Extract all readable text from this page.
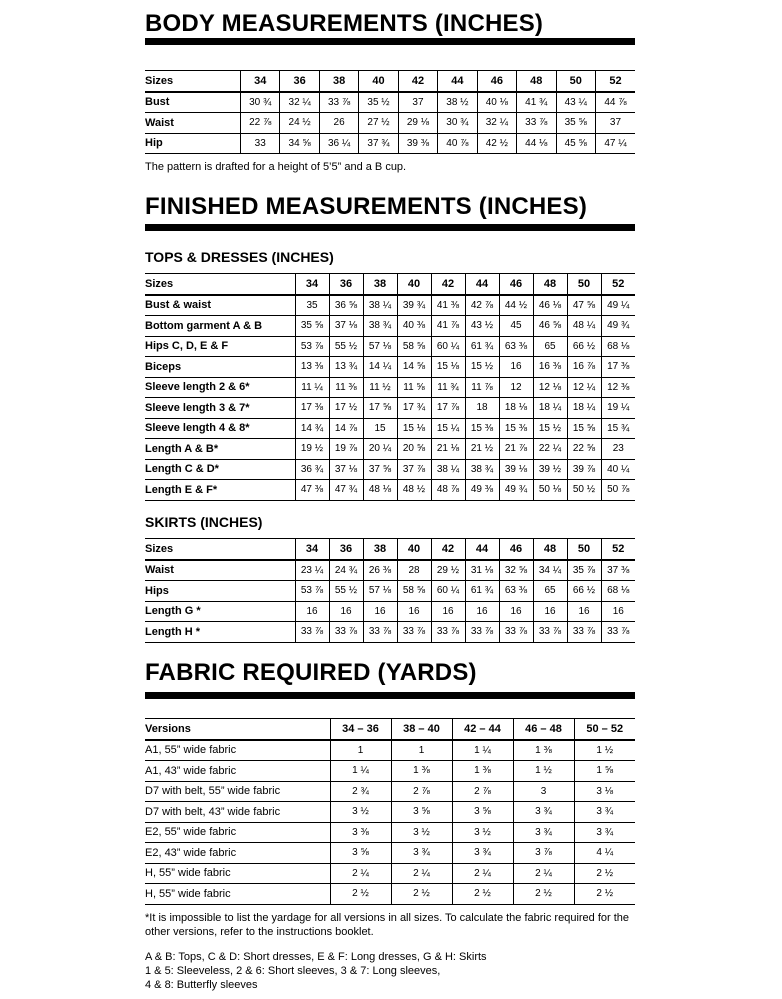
BODY MEASUREMENTS (INCHES)
Sizes	34	36	38	40	42	44	46	48	50	52
Bust	30 ¾	32 ¼	33 ⅞	35 ½	37	38 ½	40 ⅛	41 ¾	43 ¼	44 ⅞
Waist	22 ⅞	24 ½	26	27 ½	29 ⅛	30 ¾	32 ¼	33 ⅞	35 ⅝	37
Hip	33	34 ⅝	36 ¼	37 ¾	39 ⅜	40 ⅞	42 ½	44 ⅛	45 ⅝	47 ¼

The pattern is drafted for a height of 5’5” and a B cup.

FINISHED MEASUREMENTS (INCHES)
TOPS & DRESSES (INCHES)
Sizes	34	36	38	40	42	44	46	48	50	52
Bust & waist	35	36 ⅝	38 ¼	39 ¾	41 ⅜	42 ⅞	44 ½	46 ⅛	47 ⅝	49 ¼
Bottom garment A & B	35 ⅝	37 ⅛	38 ¾	40 ⅜	41 ⅞	43 ½	45	46 ⅝	48 ¼	49 ¾
Hips C, D, E & F	53 ⅞	55 ½	57 ⅛	58 ⅝	60 ¼	61 ¾	63 ⅜	65	66 ½	68 ⅛
Biceps	13 ⅜	13 ¾	14 ¼	14 ⅝	15 ⅛	15 ½	16	16 ⅜	16 ⅞	17 ⅜
Sleeve length 2 & 6*	11 ¼	11 ⅜	11 ½	11 ⅝	11 ¾	11 ⅞	12	12 ⅛	12 ¼	12 ⅜
Sleeve length 3 & 7*	17 ⅜	17 ½	17 ⅝	17 ¾	17 ⅞	18	18 ⅛	18 ¼	18 ¼	19 ¼
Sleeve length 4 & 8*	14 ¾	14 ⅞	15	15 ⅛	15 ¼	15 ⅜	15 ⅜	15 ½	15 ⅝	15 ¾
Length A & B*	19 ½	19 ⅞	20 ¼	20 ⅝	21 ⅛	21 ½	21 ⅞	22 ¼	22 ⅝	23
Length C & D*	36 ¾	37 ⅛	37 ⅝	37 ⅞	38 ¼	38 ¾	39 ⅛	39 ½	39 ⅞	40 ¼
Length E & F*	47 ⅜	47 ¾	48 ⅛	48 ½	48 ⅞	49 ⅜	49 ¾	50 ⅛	50 ½	50 ⅞
SKIRTS (INCHES)
Sizes	34	36	38	40	42	44	46	48	50	52
Waist	23 ¼	24 ¾	26 ⅜	28	29 ½	31 ⅛	32 ⅝	34 ¼	35 ⅞	37 ⅜
Hips	53 ⅞	55 ½	57 ⅛	58 ⅝	60 ¼	61 ¾	63 ⅜	65	66 ½	68 ⅛
Length G *	16	16	16	16	16	16	16	16	16	16
Length H *	33 ⅞	33 ⅞	33 ⅞	33 ⅞	33 ⅞	33 ⅞	33 ⅞	33 ⅞	33 ⅞	33 ⅞
FABRIC REQUIRED (YARDS)
Versions	34 – 36	38 – 40	42 – 44	46 – 48	50 – 52
A1, 55” wide fabric	1	1	1 ¼	1 ⅜	1 ½
A1, 43” wide fabric	1 ¼	1 ⅜	1 ⅜	1 ½	1 ⅝
D7 with belt, 55” wide fabric	2 ¾	2 ⅞	2 ⅞	3	3 ⅛
D7 with belt, 43” wide fabric	3 ½	3 ⅝	3 ⅝	3 ¾	3 ¾
E2, 55” wide fabric	3 ⅜	3 ½	3 ½	3 ¾	3 ¾
E2, 43” wide fabric	3 ⅝	3 ¾	3 ¾	3 ⅞	4 ¼
H, 55” wide fabric	2 ¼	2 ¼	2 ¼	2 ¼	2 ½
H, 55” wide fabric	2 ½	2 ½	2 ½	2 ½	2 ½

*It is impossible to list the yardage for all versions in all sizes. To calculate the fabric required for the other versions, refer to the instructions booklet.

A & B: Tops, C & D: Short dresses, E & F: Long dresses, G & H: Skirts

1 & 5: Sleeveless, 2 & 6: Short sleeves, 3 & 7: Long sleeves,

4 & 8: Butterfly sleeves
